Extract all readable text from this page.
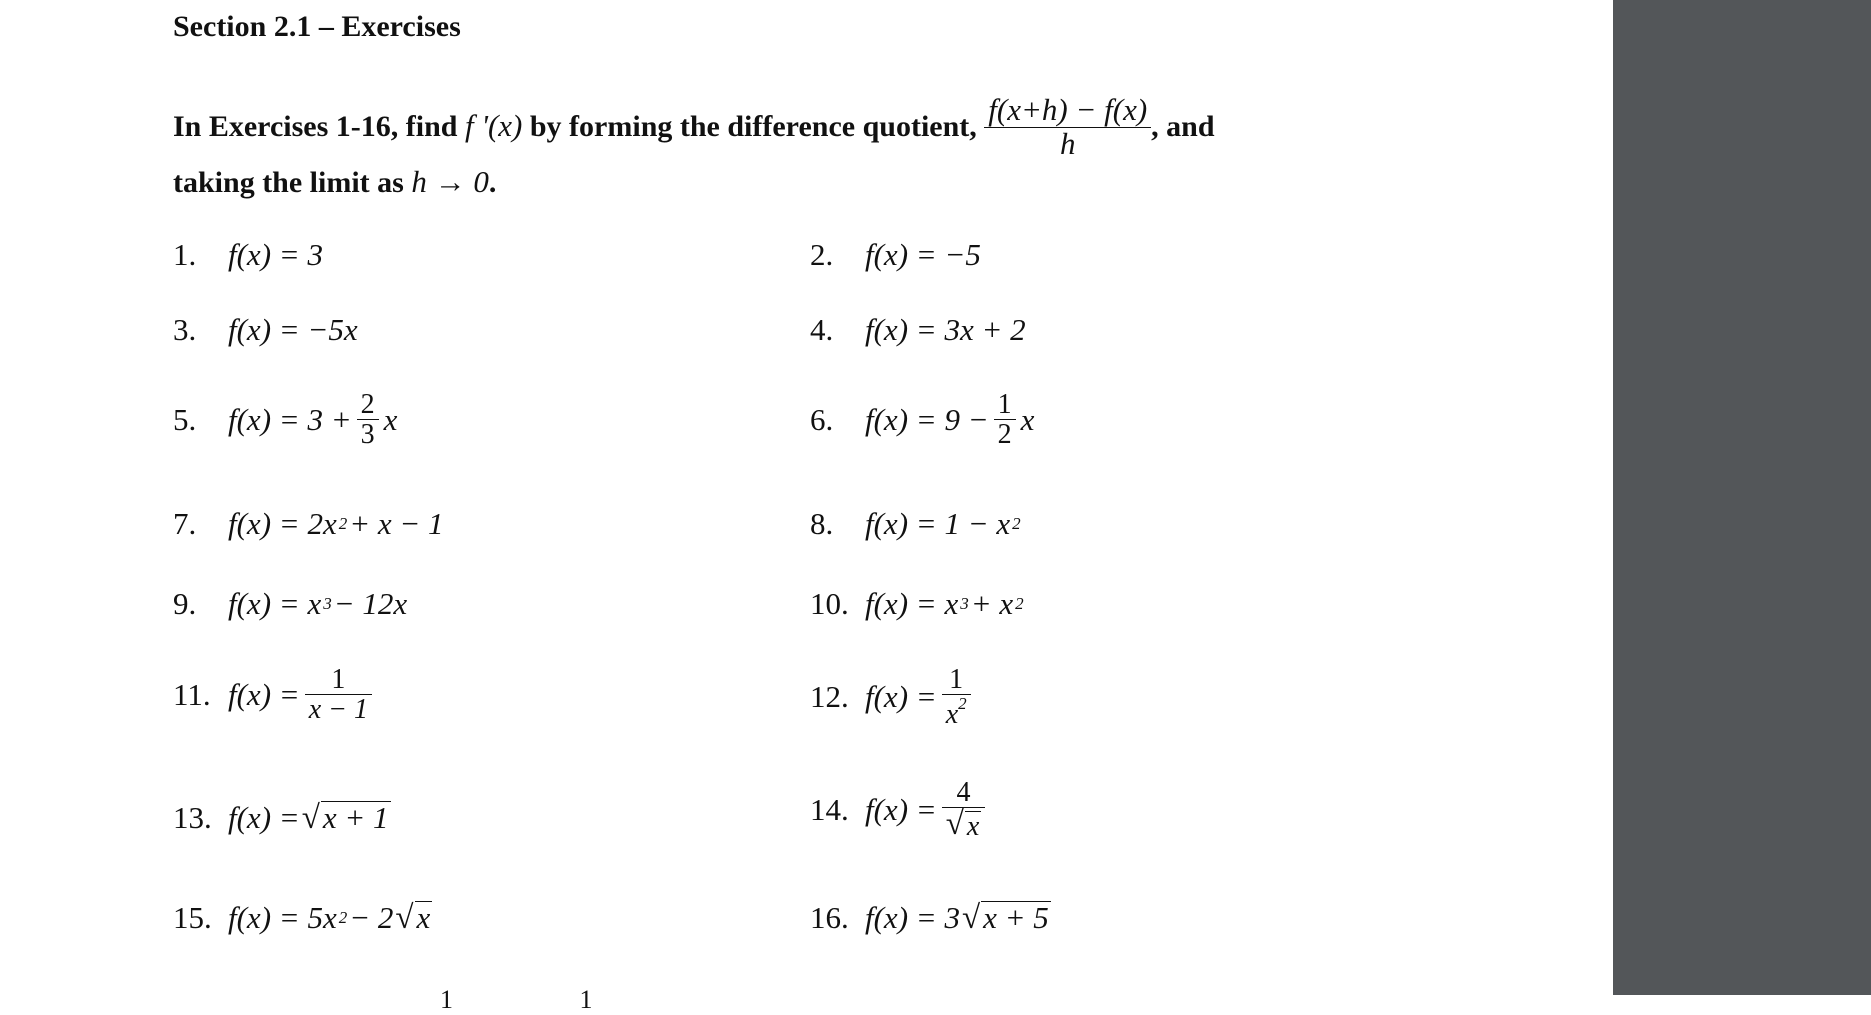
Section 2.1 – Exercises
In Exercises 1-16, find f '(x) by forming the difference quotient, $\frac{f(x+h) - f(x)}{h}$ , and
taking the limit as h → 0.
1.	f(x) = 3	2.	f(x) = −5
3.	f(x) = −5x	4.	f(x) = 3x + 2
5.	$f(x) = 3 + \frac{2}{3}$ x	6.	$f(x) = 9 - \frac{1}{2}$ x
7.	f(x) = 2x 2 + x − 1	8.	f(x) = 1 − x 2
9.	f(x) = x 3 − 12x	10. f(x) = x 3 + x 2
11. $f(x) = \frac{1}{x - 1}$	12. $f(x) = \frac{1}{x^2}$
13. f(x) = √ x + 1	14. $f(x) = \frac{4}{√ x}$
15. f(x) = 5x 2 − 2 √ x	16. f(x) = 3 √ x + 5
1 1
